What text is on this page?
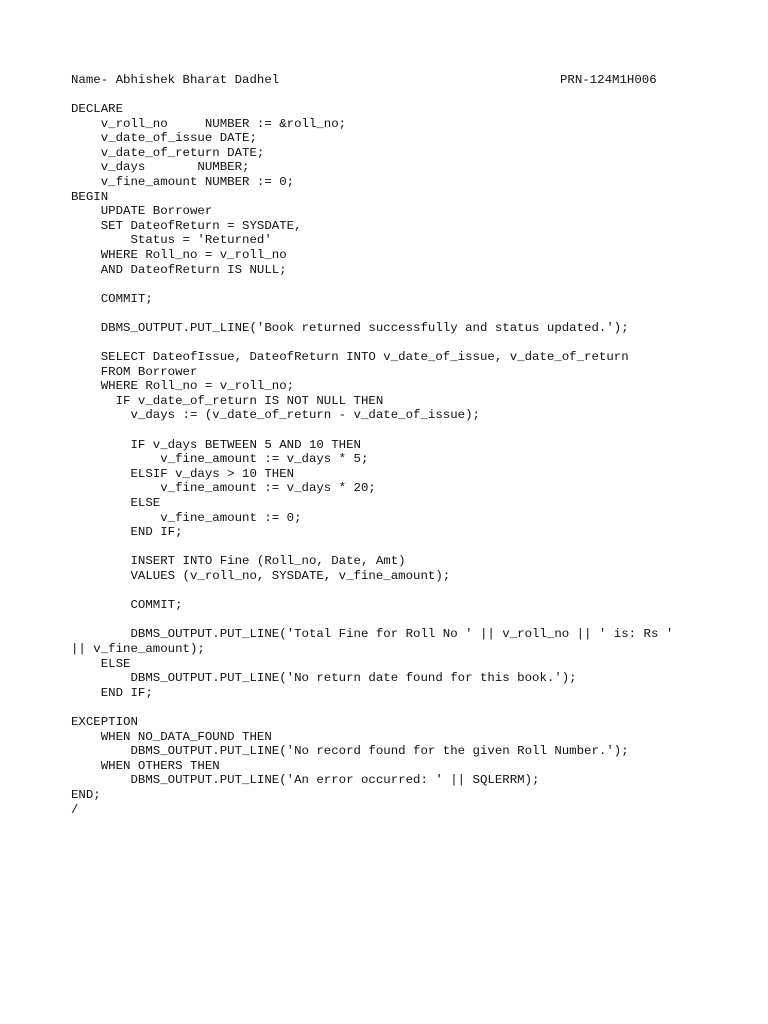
Name- Abhishek Bharat Dadhel	PRN-124M1H006
DECLARE
v_roll_no     NUMBER := &roll_no;
v_date_of_issue DATE;
v_date_of_return DATE;
v_days       NUMBER;
v_fine_amount NUMBER := 0;
BEGIN
UPDATE Borrower
SET DateofReturn = SYSDATE,
Status = 'Returned'
WHERE Roll_no = v_roll_no
AND DateofReturn IS NULL;
COMMIT;
DBMS_OUTPUT.PUT_LINE('Book returned successfully and status updated.');
SELECT DateofIssue, DateofReturn INTO v_date_of_issue, v_date_of_return
FROM Borrower
WHERE Roll_no = v_roll_no;
IF v_date_of_return IS NOT NULL THEN
v_days := (v_date_of_return - v_date_of_issue);
IF v_days BETWEEN 5 AND 10 THEN
v_fine_amount := v_days * 5;
ELSIF v_days > 10 THEN
v_fine_amount := v_days * 20;
ELSE
v_fine_amount := 0;
END IF;
INSERT INTO Fine (Roll_no, Date, Amt)
VALUES (v_roll_no, SYSDATE, v_fine_amount);
COMMIT;
DBMS_OUTPUT.PUT_LINE('Total Fine for Roll No ' || v_roll_no || ' is: Rs '
|| v_fine_amount);
ELSE
DBMS_OUTPUT.PUT_LINE('No return date found for this book.');
END IF;
EXCEPTION
WHEN NO_DATA_FOUND THEN
DBMS_OUTPUT.PUT_LINE('No record found for the given Roll Number.');
WHEN OTHERS THEN
DBMS_OUTPUT.PUT_LINE('An error occurred: ' || SQLERRM);
END;
/
